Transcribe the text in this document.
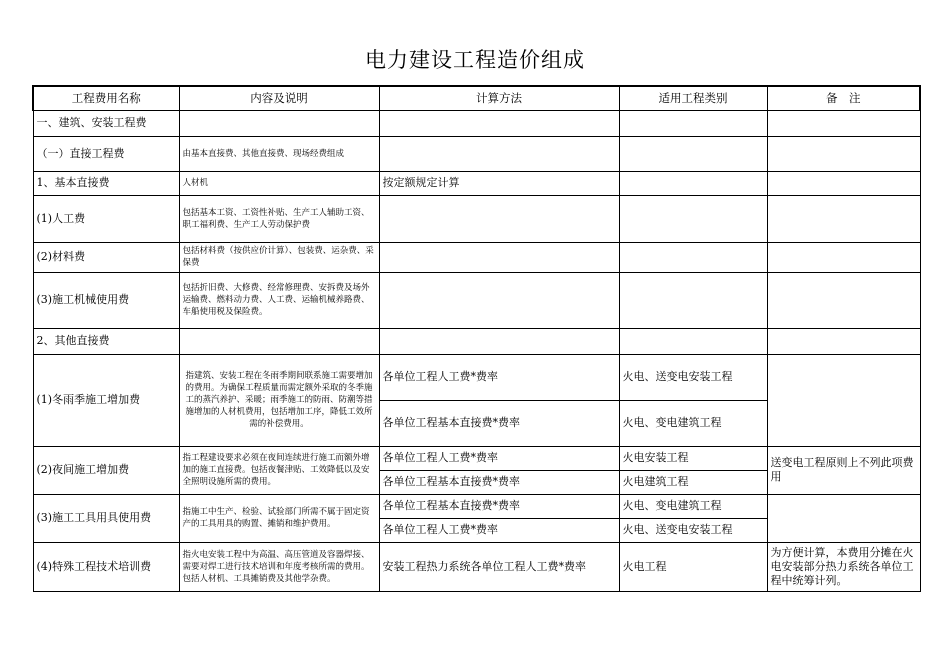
电力建设工程造价组成
工程费用名称	内容及说明	计算方法	适用工程类别	备　注
一、建筑、安装工程费				
（一）直接工程费	由基本直接费、其他直接费、现场经费组成			
1、基本直接费	人材机	按定额规定计算		
(1)人工费	包括基本工资、工资性补贴、生产工人辅助工资、职工福利费、生产工人劳动保护费			
(2)材料费	包括材料费（按供应价计算）、包装费、运杂费、采保费			
(3)施工机械使用费	包括折旧费、大修费、经常修理费、安拆费及场外运输费、燃料动力费、人工费、运输机械养路费、车船使用税及保险费。			
2、其他直接费				
(1)冬雨季施工增加费	指建筑、安装工程在冬雨季期间联系施工需要增加的费用。为确保工程质量而需定额外采取的冬季施工的蒸汽养护、采暖；雨季施工的防雨、防潮等措施增加的人材机费用，包括增加工序，降低工效所需的补偿费用。	各单位工程人工费*费率	火电、送变电安装工程	
		各单位工程基本直接费*费率	火电、变电建筑工程	
(2)夜间施工增加费	指工程建设要求必须在夜间连续进行施工而额外增加的施工直接费。包括夜餐津贴、工效降低以及安全照明设施所需的费用。	各单位工程人工费*费率	火电安装工程	送变电工程原则上不列此项费用
		各单位工程基本直接费*费率	火电建筑工程	
(3)施工工具用具使用费	指施工中生产、检验、试验部门所需不属于固定资产的工具用具的购置、摊销和维护费用。	各单位工程基本直接费*费率	火电、变电建筑工程	
		各单位工程人工费*费率	火电、送变电安装工程	
(4)特殊工程技术培训费	指火电安装工程中为高温、高压管道及容器焊接、需要对焊工进行技术培训和年度考核所需的费用。包括人材机、工具摊销费及其他学杂费。	安装工程热力系统各单位工程人工费*费率	火电工程	为方便计算，本费用分摊在火电安装部分热力系统各单位工程中统筹计列。
